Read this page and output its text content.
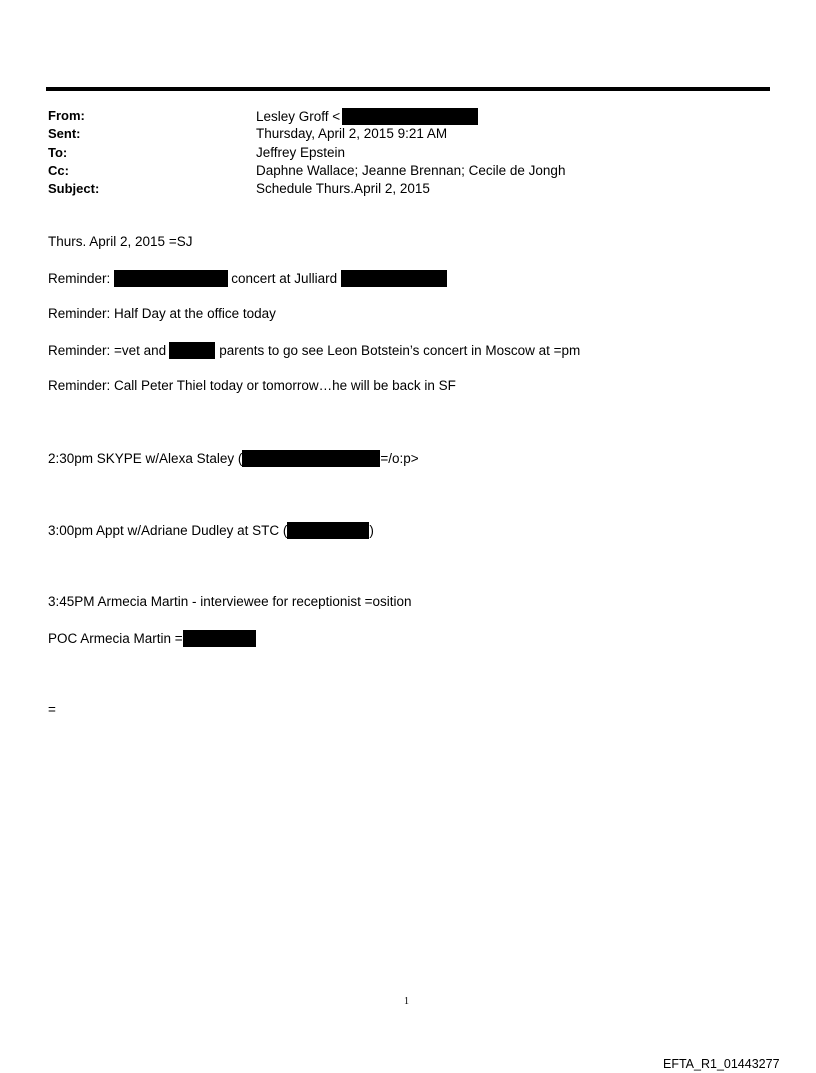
From:	Lesley Groff <
Sent:	Thursday, April 2, 2015 9:21 AM
To:	Jeffrey Epstein
Cc:	Daphne Wallace; Jeanne Brennan; Cecile de Jongh
Subject:	Schedule Thurs.April 2, 2015
Thurs. April 2, 2015 =SJ
Reminder:	concert at Julliard
Reminder: Half Day at the office today
Reminder: =vet and	parents to go see Leon Botstein’s concert in Moscow at =pm
Reminder: Call Peter Thiel today or tomorrow…he will be back in SF
2:30pm SKYPE w/Alexa Staley (	=/o:p>
3:00pm Appt w/Adriane Dudley at STC (	)
3:45PM Armecia Martin - interviewee for receptionist =osition
POC Armecia Martin =
=
1
EFTA_R1_01443277
